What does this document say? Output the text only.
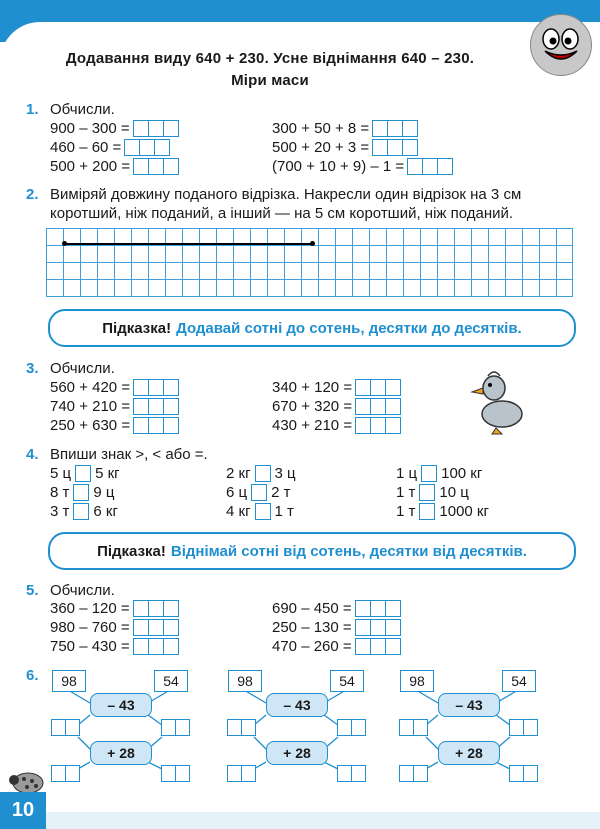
Додавання виду 640 + 230. Усне віднімання 640 – 230.
Міри маси
1. Обчисли.
900 – 300 =
460 – 60 =
500 + 200 =
300 + 50 + 8 =
500 + 20 + 3 =
(700 + 10 + 9) – 1 =
2. Виміряй довжину поданого відрізка. Накресли один відрізок на 3 см
коротший, ніж поданий, а інший — на 5 см коротший, ніж поданий.
Підказка! Додавай сотні до сотень, десятки до десятків.
3. Обчисли.
560 + 420 =
740 + 210 =
250 + 630 =
340 + 120 =
670 + 320 =
430 + 210 =
4. Впиши знак >, < або =.
5 ц 5 кг
8 т 9 ц
3 т 6 кг
2 кг 3 ц
6 ц 2 т
4 кг 1 т
1 ц 100 кг
1 т 10 ц
1 т 1000 кг
Підказка! Віднімай сотні від сотень, десятки від десятків.
5. Обчисли.
360 – 120 =
980 – 760 =
750 – 430 =
690 – 450 =
250 – 130 =
470 – 260 =
6.	98	54
– 43
+ 28
98	54
– 43
+ 28
98	54
– 43
+ 28
10
